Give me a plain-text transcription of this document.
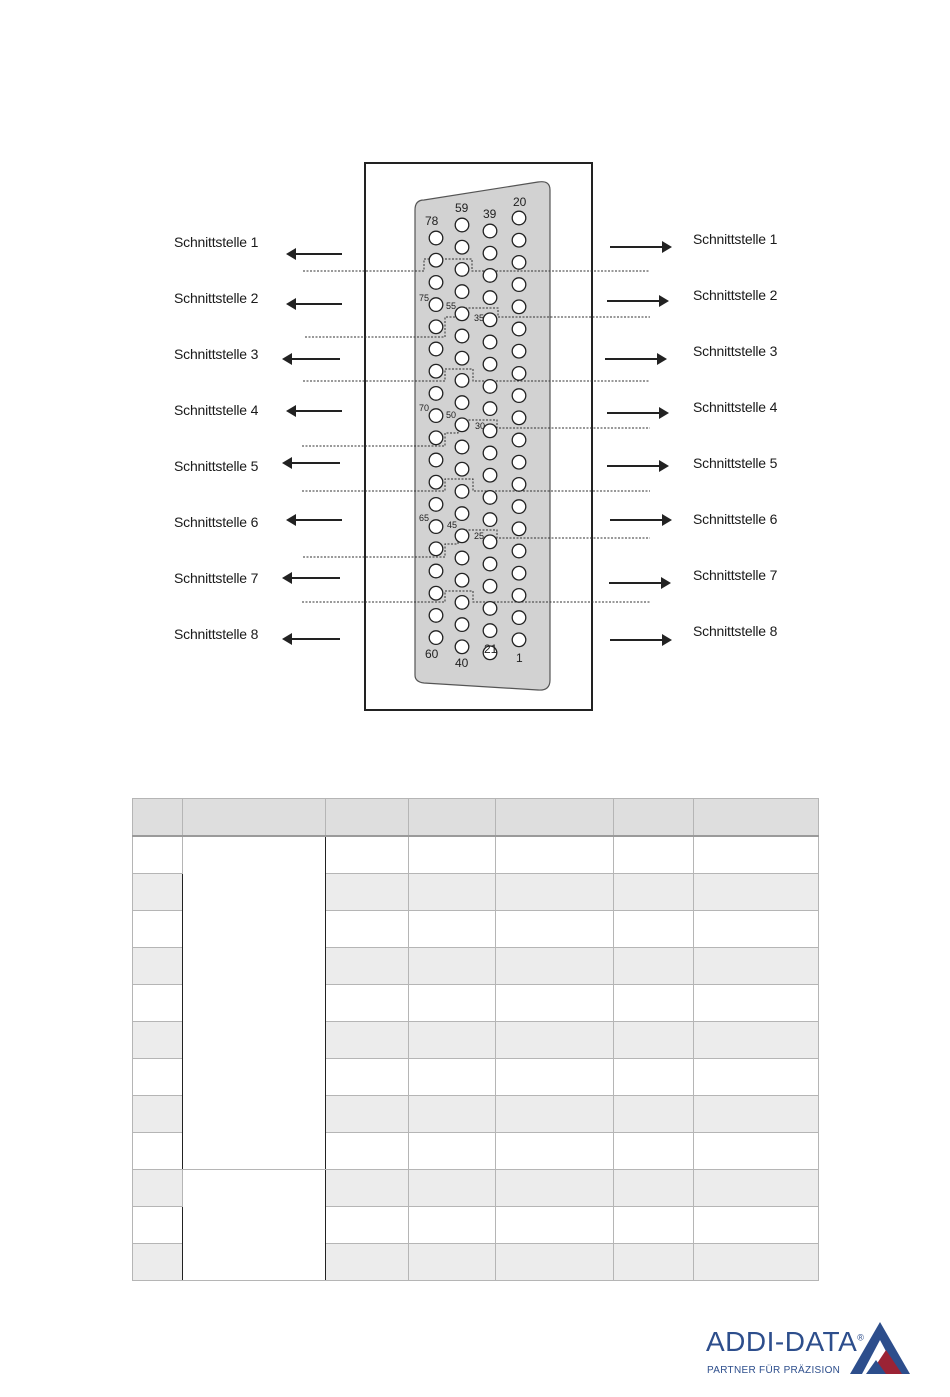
Schnittstelle 1
Schnittstelle 2
Schnittstelle 3
Schnittstelle 4
Schnittstelle 5
Schnittstelle 6
Schnittstelle 7
Schnittstelle 8
Schnittstelle 1
Schnittstelle 2
Schnittstelle 3
Schnittstelle 4
Schnittstelle 5
Schnittstelle 6
Schnittstelle 7
Schnittstelle 8
78
59 39
20
75
55
35
70
50
30
65
45
25
60
40
21
1

ADDI-DATA®
PARTNER FÜR PRÄZISION
